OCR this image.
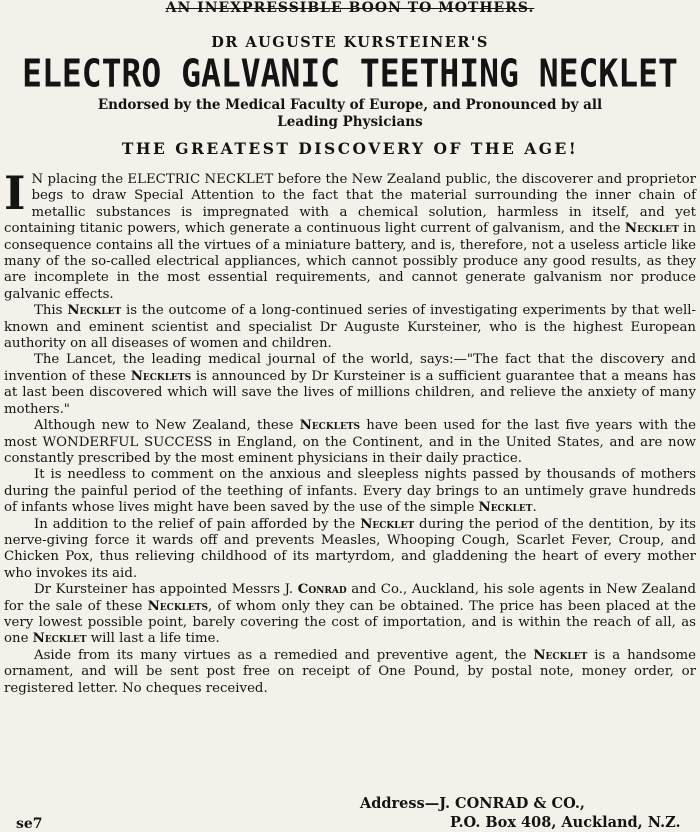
AN INEXPRESSIBLE BOON TO MOTHERS.
DR AUGUSTE KURSTEINER'S
ELECTRO GALVANIC TEETHING NECKLET
Endorsed by the Medical Faculty of Europe, and Pronounced by all Leading Physicians
THE GREATEST DISCOVERY OF THE AGE!

I N placing the ELECTRIC NECKLET before the New Zealand public, the discoverer and proprietor begs to draw Special Attention to the fact that the material surrounding the inner chain of metallic substances is impregnated with a chemical solution, harmless in itself, and yet containing titanic powers, which generate a continuous light current of galvanism, and the Necklet in consequence contains all the virtues of a miniature battery, and is, therefore, not a useless article like many of the so-called electrical appliances, which cannot possibly produce any good results, as they are incomplete in the most essential requirements, and cannot generate galvanism nor produce galvanic effects.

This Necklet is the outcome of a long-continued series of investigating experiments by that well-known and eminent scientist and specialist Dr Auguste Kursteiner, who is the highest European authority on all diseases of women and children.

The Lancet, the leading medical journal of the world, says:—"The fact that the discovery and invention of these Necklets is announced by Dr Kursteiner is a sufficient guarantee that a means has at last been discovered which will save the lives of millions children, and relieve the anxiety of many mothers."

Although new to New Zealand, these Necklets have been used for the last five years with the most WONDERFUL SUCCESS in England, on the Continent, and in the United States, and are now constantly prescribed by the most eminent physicians in their daily practice.

It is needless to comment on the anxious and sleepless nights passed by thousands of mothers during the painful period of the teething of infants. Every day brings to an untimely grave hundreds of infants whose lives might have been saved by the use of the simple Necklet.

In addition to the relief of pain afforded by the Necklet during the period of the dentition, by its nerve-giving force it wards off and prevents Measles, Whooping Cough, Scarlet Fever, Croup, and Chicken Pox, thus relieving childhood of its martyrdom, and gladdening the heart of every mother who invokes its aid.

Dr Kursteiner has appointed Messrs J. Conrad and Co., Auckland, his sole agents in New Zealand for the sale of these Necklets, of whom only they can be obtained. The price has been placed at the very lowest possible point, barely covering the cost of importation, and is within the reach of all, as one Necklet will last a life time.

Aside from its many virtues as a remedied and preventive agent, the Necklet is a handsome ornament, and will be sent post free on receipt of One Pound, by postal note, money order, or registered letter. No cheques received.

Address—J. CONRAD & CO.,
P.O. Box 408, Auckland, N.Z.
se7
